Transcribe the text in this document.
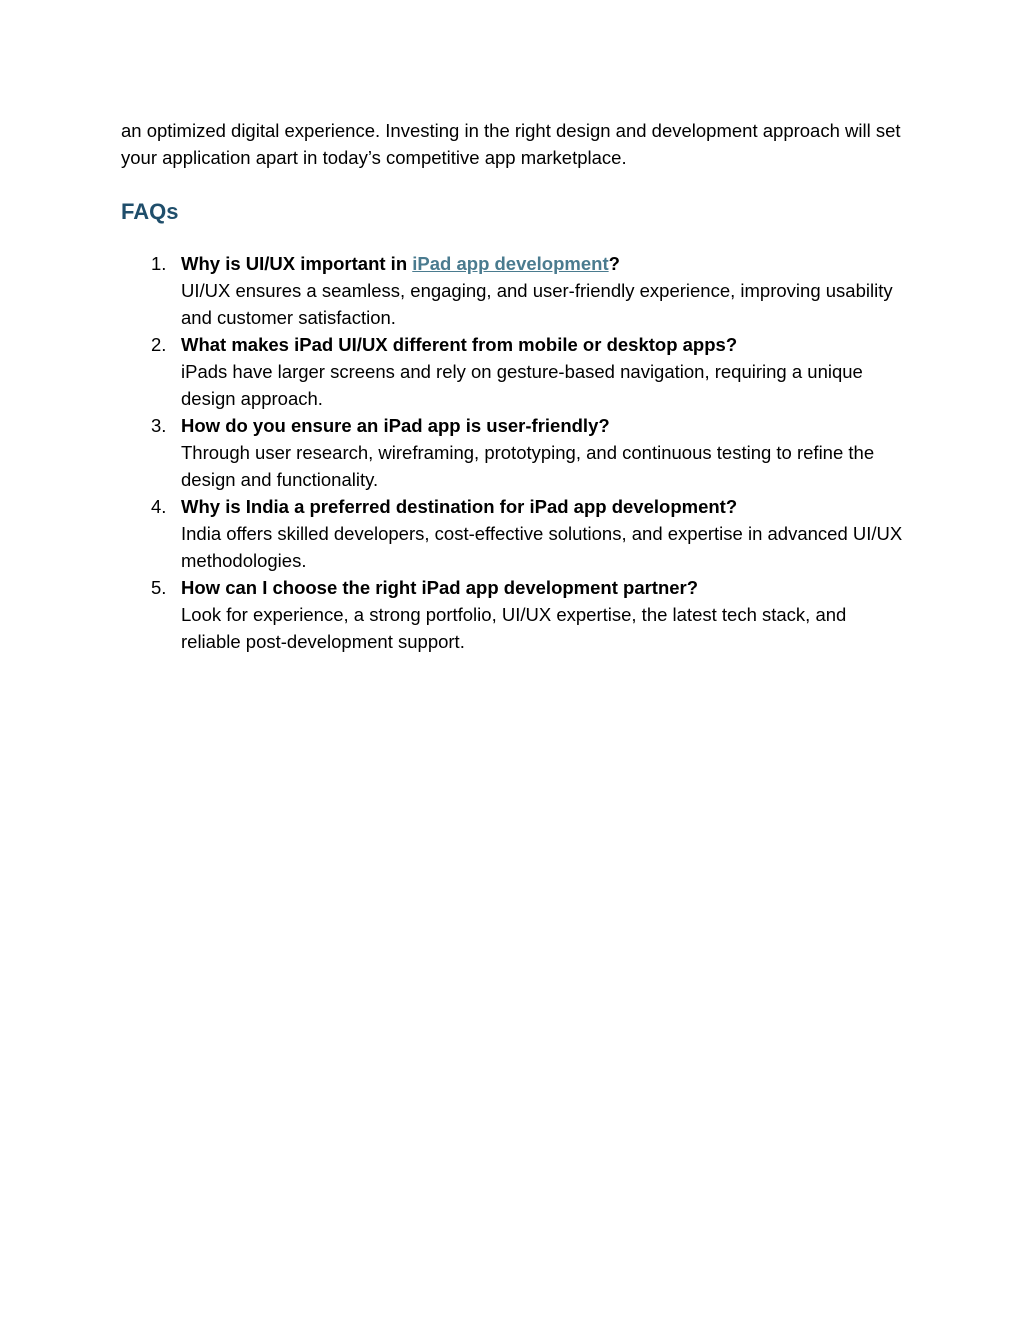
an optimized digital experience. Investing in the right design and development approach will set your application apart in today’s competitive app marketplace.

FAQs
1. Why is UI/UX important in iPad app development?
UI/UX ensures a seamless, engaging, and user-friendly experience, improving usability and customer satisfaction.
2. What makes iPad UI/UX different from mobile or desktop apps?
iPads have larger screens and rely on gesture-based navigation, requiring a unique design approach.
3. How do you ensure an iPad app is user-friendly?
Through user research, wireframing, prototyping, and continuous testing to refine the design and functionality.
4. Why is India a preferred destination for iPad app development?
India offers skilled developers, cost-effective solutions, and expertise in advanced UI/UX methodologies.
5. How can I choose the right iPad app development partner?
Look for experience, a strong portfolio, UI/UX expertise, the latest tech stack, and reliable post-development support.
